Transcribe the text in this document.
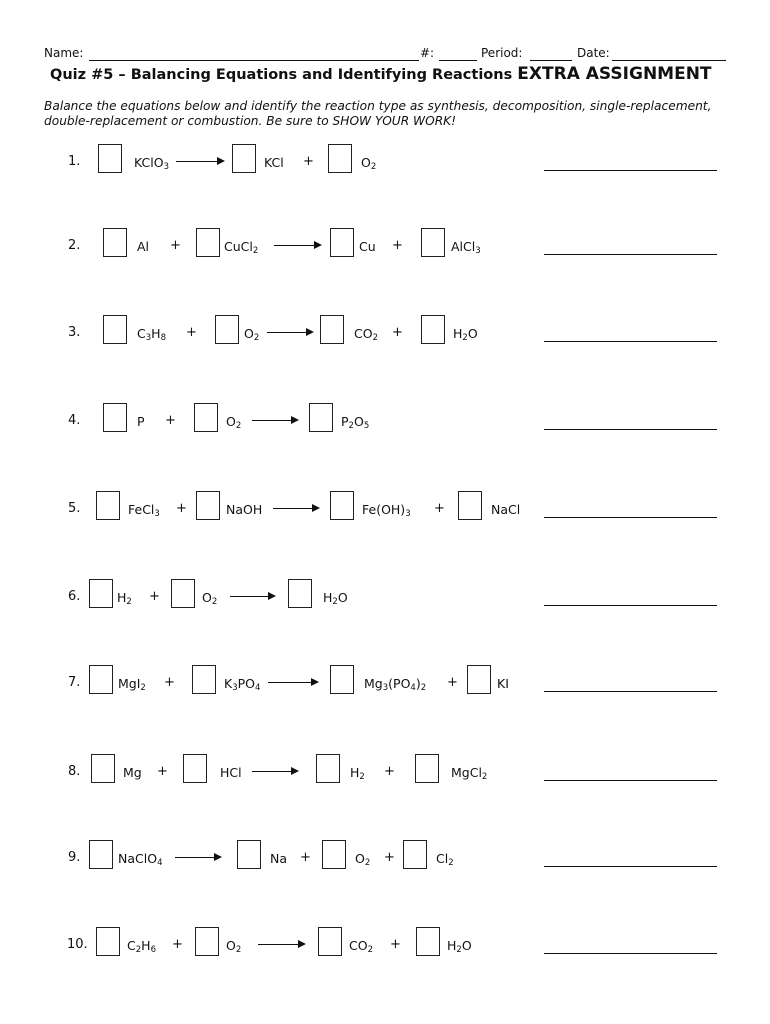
Name:	#:	Period:	Date:
Quiz #5 – Balancing Equations and Identifying Reactions EXTRA ASSIGNMENT
Balance the equations below and identify the reaction type as synthesis, decomposition, single-replacement, double-replacement or combustion. Be sure to SHOW YOUR WORK!
1.	KClO$_3$	KCl +	$O_2$
2.	Al +	CuCl$_2$	Cu +	AlCl$_3$
3.	$C_3H_8$ +	$O_2$	$CO_2$ +	$H_2O$
4.	P +	$O_2$	$P_2O_5$
5.	FeCl$_3$ +	NaOH →	$Fe(OH)_3$ +	NaCl
6.	$H_2$ +	$O_2$	$H_2O$
7.	MgI$_2$ +	$K_3PO_4$	$Mg_3(PO_4)_2$ +	KI
8.	Mg +	HCl →	$H_2$ +	MgCl$_2$
9.	NaClO$_4$	Na +	$O_2$ +	$Cl_2$
10.	$C_2H_6$ +	$O_2$	$CO_2$ +	$H_2O$
